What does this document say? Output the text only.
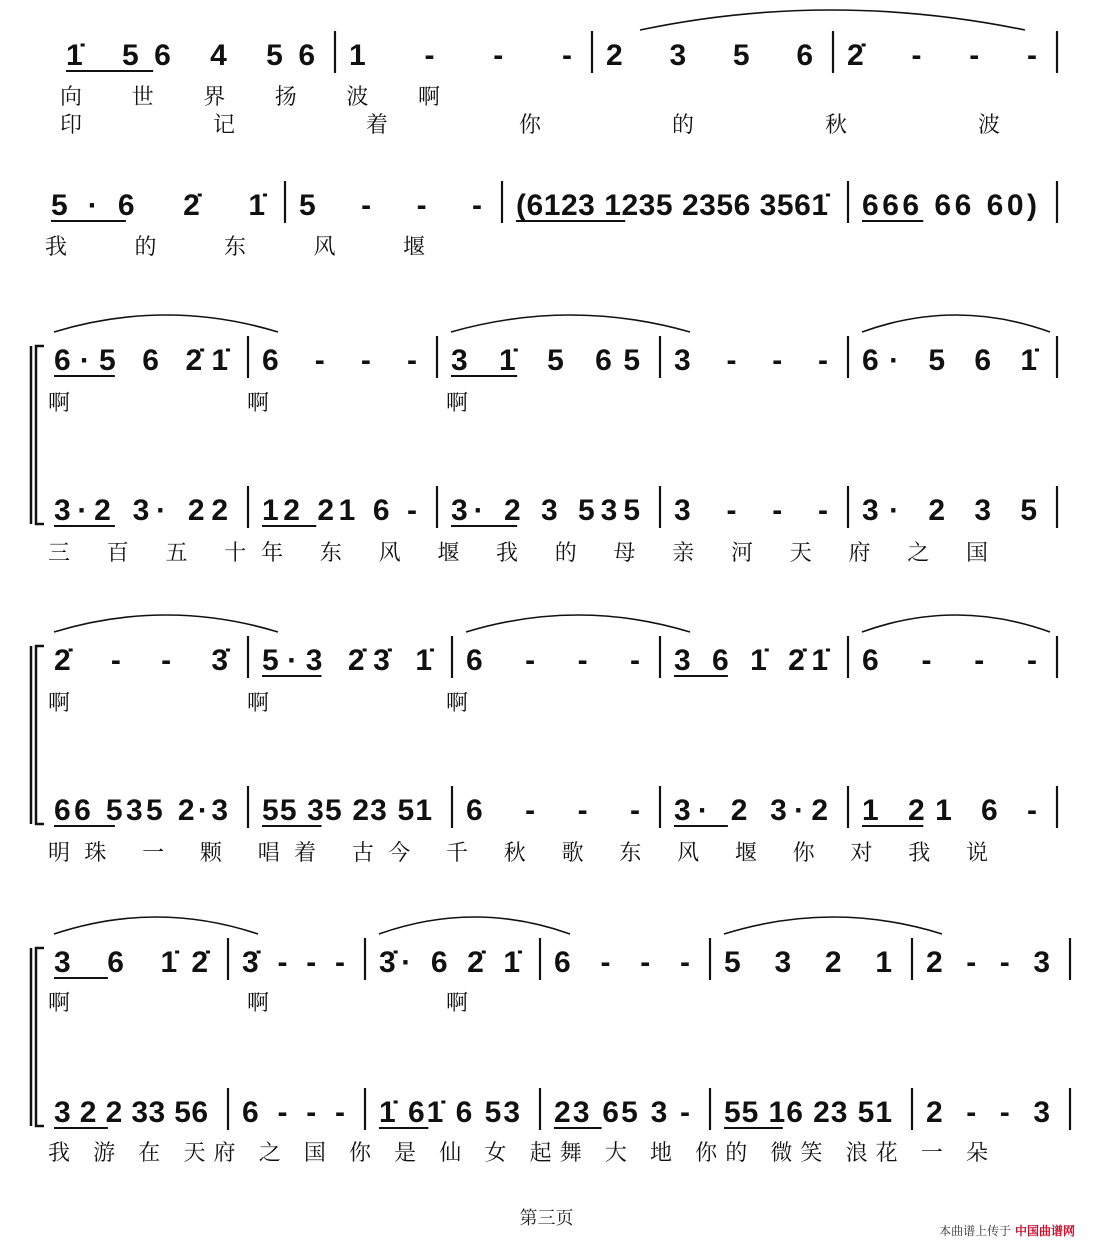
1̇ 56 4 56 1 - - - 2 3 5 6 2̇ - - -
向 世 界 扬 波 啊
印 记 着 你 的 秋 波
5·6 2̇ 1̇ 5 - - - (6123 1235 2356 3561̇ 666 66 60)
我 的 东 风 堰
6·5 6 2̇1̇ 6 - - - 3 1̇ 5 65 3 - - - 6· 5 6 1̇
啊 啊 啊
3·2 3· 22 12 21 6 - 3· 2 3 535 3 - - - 3· 2 3 5
三 百 五 十年 东 风 堰 我 的 母 亲 河 天 府 之 国
2̇ - - 3̇ 5·3 2̇3̇ 1̇ 6 - - - 3 6 1̇ 2̇1̇ 6 - - -
啊 啊 啊
66 535 2·3 55 35 23 51 6 - - - 3· 2 3·2 1 21 6 -
明珠 一 颗 唱着 古今 千 秋 歌 东 风 堰 你 对 我 说
3 6 1̇2̇ 3̇ - - - 3̇· 6 2̇ 1̇ 6 - - - 5 3 2 1 2 - - 3
啊 啊 啊
3 2 2 33 56 6 - - - 1̇ 61̇ 6 53 23 65 3 - 55 16 23 51 2 - - 3
我 游 在 天府 之 国 你 是 仙 女 起舞 大 地 你的 微笑 浪花 一 朵
第三页
本曲谱上传于 中国曲谱网
